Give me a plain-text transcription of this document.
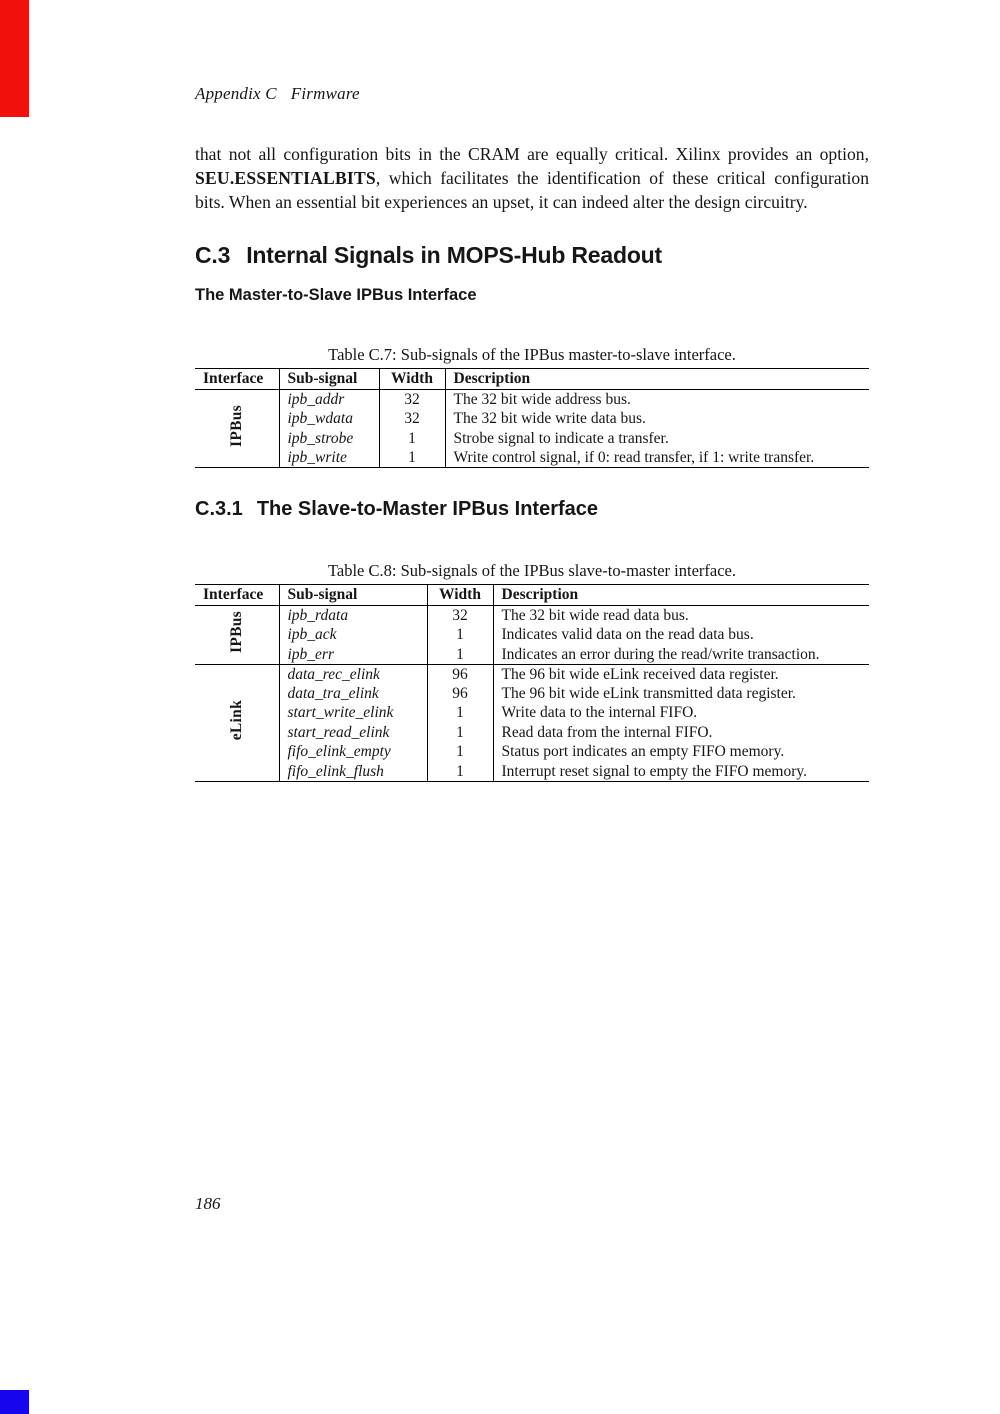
Appendix C Firmware

that not all configuration bits in the CRAM are equally critical. Xilinx provides an option, SEU.ESSENTIALBITS, which facilitates the identification of these critical configuration bits. When an essential bit experiences an upset, it can indeed alter the design circuitry.

C.3 Internal Signals in MOPS-Hub Readout
The Master-to-Slave IPBus Interface
Table C.7: Sub-signals of the IPBus master-to-slave interface.
Interface	Sub-signal	Width	Description
IPBus	ipb_addr	32	The 32 bit wide address bus.
	ipb_wdata	32	The 32 bit wide write data bus.
	ipb_strobe	1	Strobe signal to indicate a transfer.
	ipb_write	1	Write control signal, if 0: read transfer, if 1: write transfer.
C.3.1 The Slave-to-Master IPBus Interface
Table C.8: Sub-signals of the IPBus slave-to-master interface.
Interface	Sub-signal	Width	Description
IPBus	ipb_rdata	32	The 32 bit wide read data bus.
	ipb_ack	1	Indicates valid data on the read data bus.
	ipb_err	1	Indicates an error during the read/write transaction.
eLink	data_rec_elink	96	The 96 bit wide eLink received data register.
	data_tra_elink	96	The 96 bit wide eLink transmitted data register.
	start_write_elink	1	Write data to the internal FIFO.
	start_read_elink	1	Read data from the internal FIFO.
	fifo_elink_empty	1	Status port indicates an empty FIFO memory.
	fifo_elink_flush	1	Interrupt reset signal to empty the FIFO memory.
186
